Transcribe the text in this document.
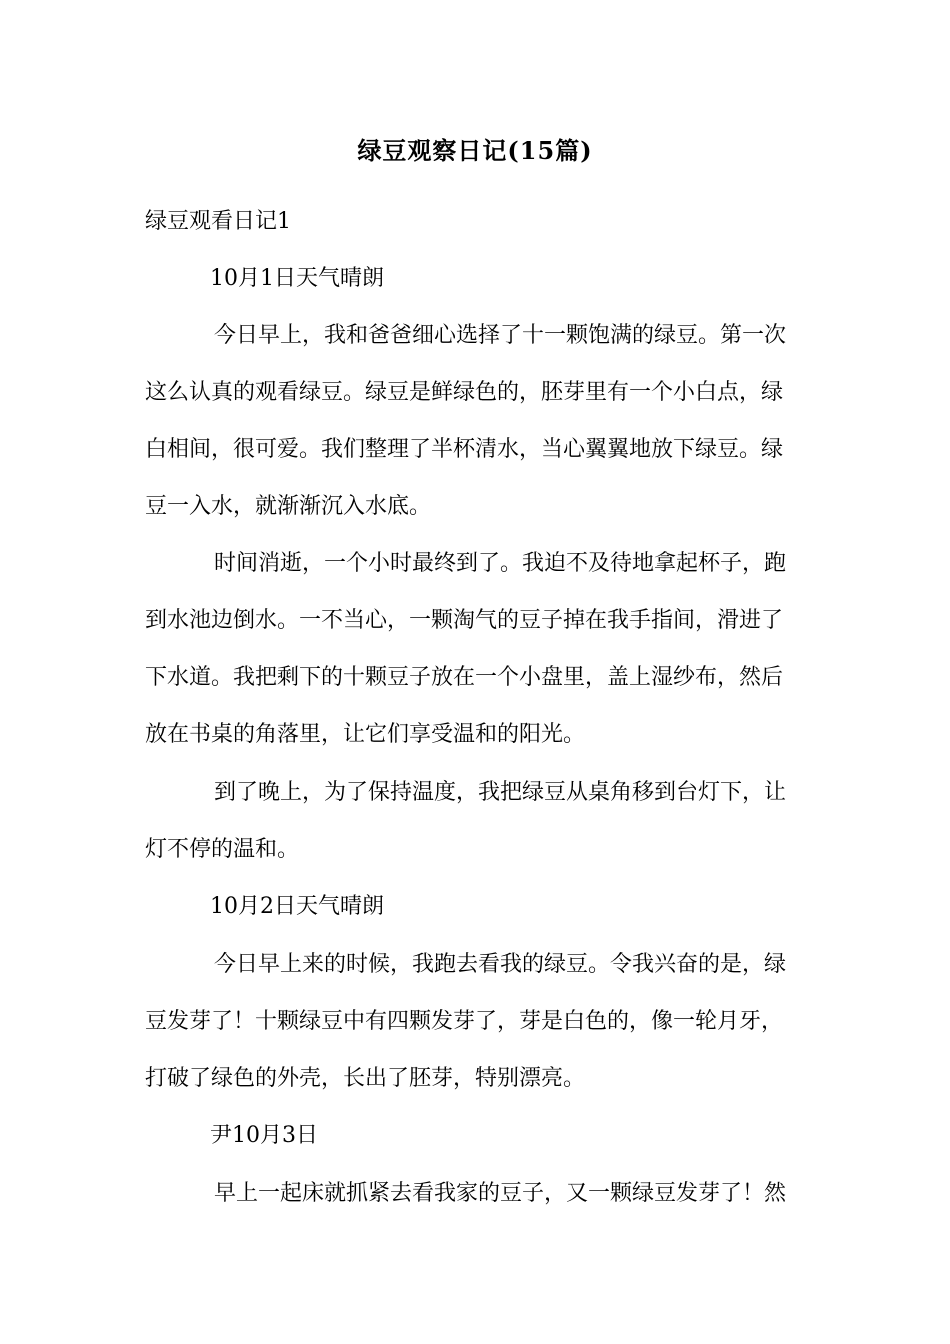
绿豆观察日记(15篇)
绿豆观看日记1
10月1日天气晴朗
今日早上，我和爸爸细心选择了十一颗饱满的绿豆。第一次
这么认真的观看绿豆。绿豆是鲜绿色的，胚芽里有一个小白点，绿
白相间，很可爱。我们整理了半杯清水，当心翼翼地放下绿豆。绿
豆一入水，就渐渐沉入水底。
时间消逝，一个小时最终到了。我迫不及待地拿起杯子，跑
到水池边倒水。一不当心，一颗淘气的豆子掉在我手指间，滑进了
下水道。我把剩下的十颗豆子放在一个小盘里，盖上湿纱布，然后
放在书桌的角落里，让它们享受温和的阳光。
到了晚上，为了保持温度，我把绿豆从桌角移到台灯下，让
灯不停的温和。
10月2日天气晴朗
今日早上来的时候，我跑去看我的绿豆。令我兴奋的是，绿
豆发芽了！十颗绿豆中有四颗发芽了，芽是白色的，像一轮月牙，
打破了绿色的外壳，长出了胚芽，特别漂亮。
尹10月3日
早上一起床就抓紧去看我家的豆子，又一颗绿豆发芽了！然
